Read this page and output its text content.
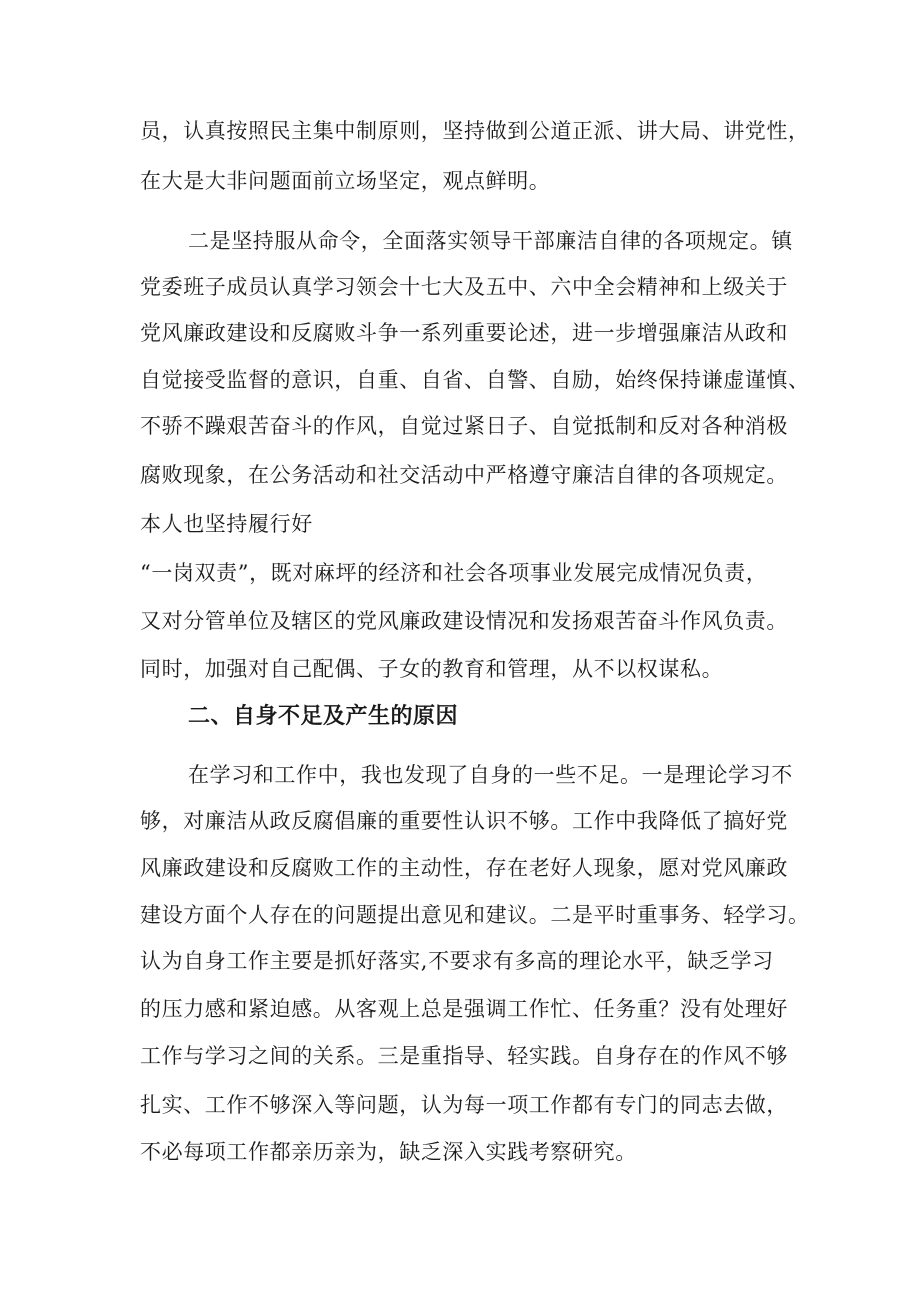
员，认真按照民主集中制原则，坚持做到公道正派、讲大局、讲党性，

在大是大非问题面前立场坚定，观点鲜明。

二是坚持服从命令，全面落实领导干部廉洁自律的各项规定。镇

党委班子成员认真学习领会十七大及五中、六中全会精神和上级关于

党风廉政建设和反腐败斗争一系列重要论述，进一步增强廉洁从政和

自觉接受监督的意识，自重、自省、自警、自励，始终保持谦虚谨慎、

不骄不躁艰苦奋斗的作风，自觉过紧日子、自觉抵制和反对各种消极

腐败现象，在公务活动和社交活动中严格遵守廉洁自律的各项规定。

本人也坚持履行好

“一岗双责”，既对麻坪的经济和社会各项事业发展完成情况负责，

又对分管单位及辖区的党风廉政建设情况和发扬艰苦奋斗作风负责。

同时，加强对自己配偶、子女的教育和管理，从不以权谋私。

二、自身不足及产生的原因

在学习和工作中，我也发现了自身的一些不足。一是理论学习不

够，对廉洁从政反腐倡廉的重要性认识不够。工作中我降低了搞好党

风廉政建设和反腐败工作的主动性，存在老好人现象，愿对党风廉政

建设方面个人存在的问题提出意见和建议。二是平时重事务、轻学习。

认为自身工作主要是抓好落实,不要求有多高的理论水平，缺乏学习

的压力感和紧迫感。从客观上总是强调工作忙、任务重？没有处理好

工作与学习之间的关系。三是重指导、轻实践。自身存在的作风不够

扎实、工作不够深入等问题，认为每一项工作都有专门的同志去做，

不必每项工作都亲历亲为，缺乏深入实践考察研究。
